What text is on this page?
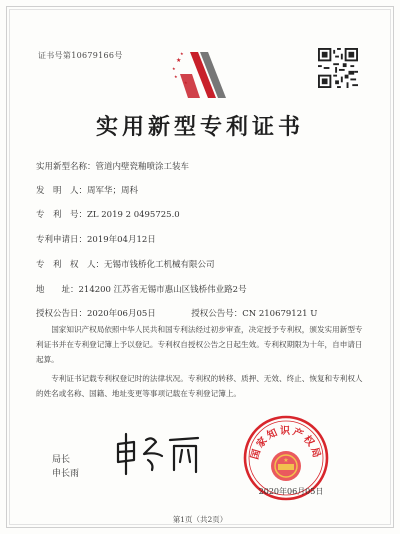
证书号第10679166号
★
★
★
★
★
实用新型专利证书
实用新型名称：管道内壁瓷釉喷涂工装车
发　明　人：周军华；周科
专　利　号：ZL 2019 2 0495725.0
专利申请日：2019年04月12日
专　利　权　人：无锡市钱桥化工机械有限公司
地　　址：214200 江苏省无锡市惠山区钱桥伟业路2号
授权公告日：2020年06月05日	授权公告号：CN 210679121 U
国家知识产权局依照中华人民共和国专利法经过初步审查，决定授予专利权，颁发实用新型专利证书并在专利登记簿上予以登记。专利权自授权公告之日起生效。专利权期限为十年，自申请日起算。
专利证书记载专利权登记时的法律状况。专利权的转移、质押、无效、终止、恢复和专利权人的姓名或名称、国籍、地址变更等事项记载在专利登记簿上。
局长
申长雨
国家知识产权局
★
2020年06月05日
第1页（共2页）
